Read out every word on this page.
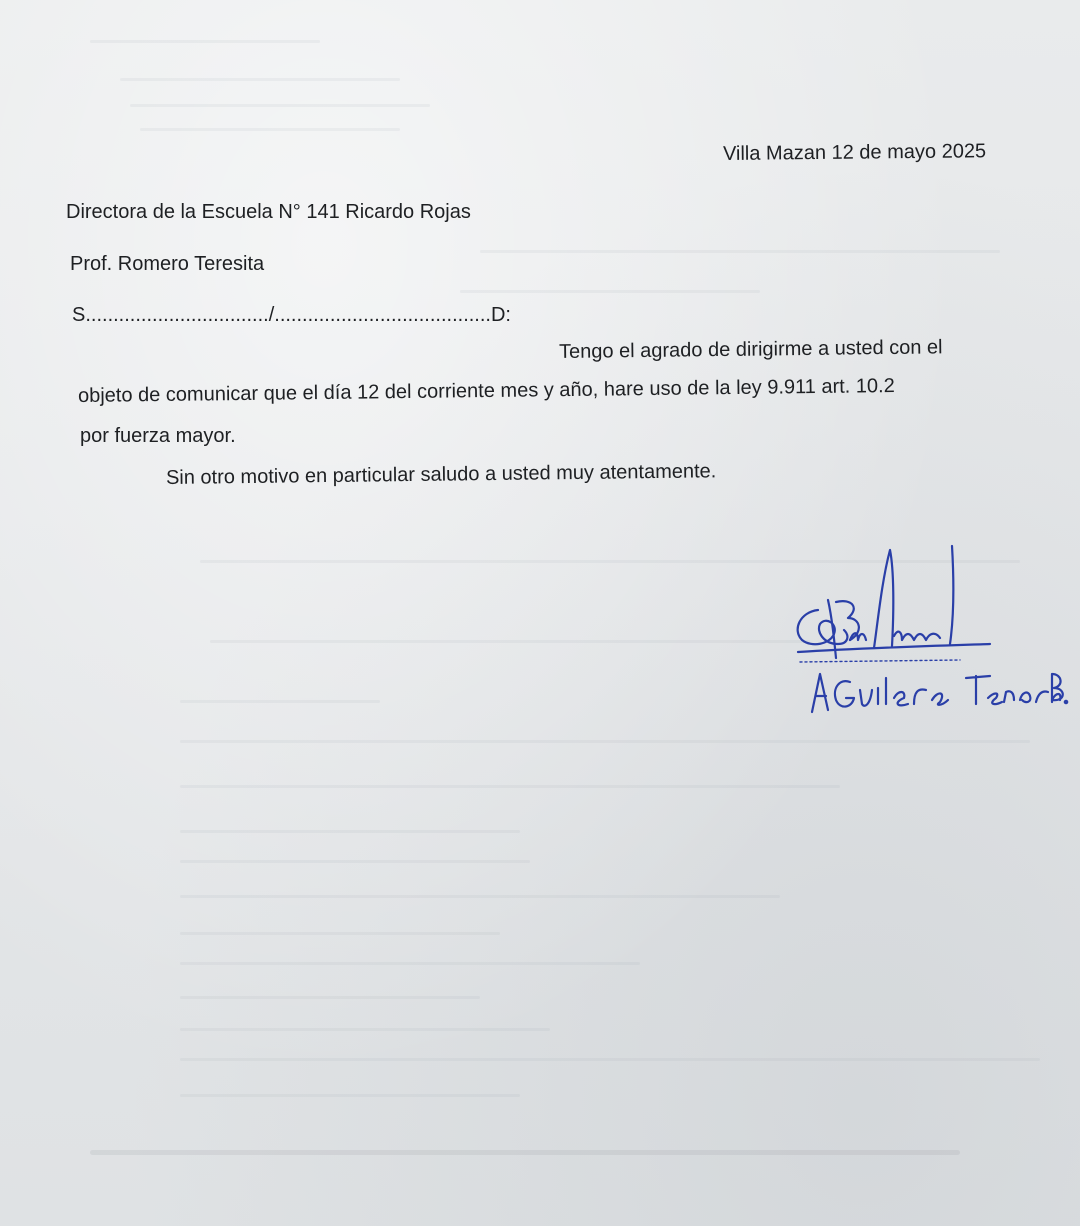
Villa Mazan 12 de mayo 2025
Directora de la Escuela N° 141 Ricardo Rojas
Prof. Romero Teresita
S................................./.......................................D:
Tengo el agrado de dirigirme a usted con el
objeto de comunicar que el día 12 del corriente mes y año, hare uso de la ley 9.911 art. 10.2
por fuerza mayor.
Sin otro motivo en particular saludo a usted muy atentamente.
